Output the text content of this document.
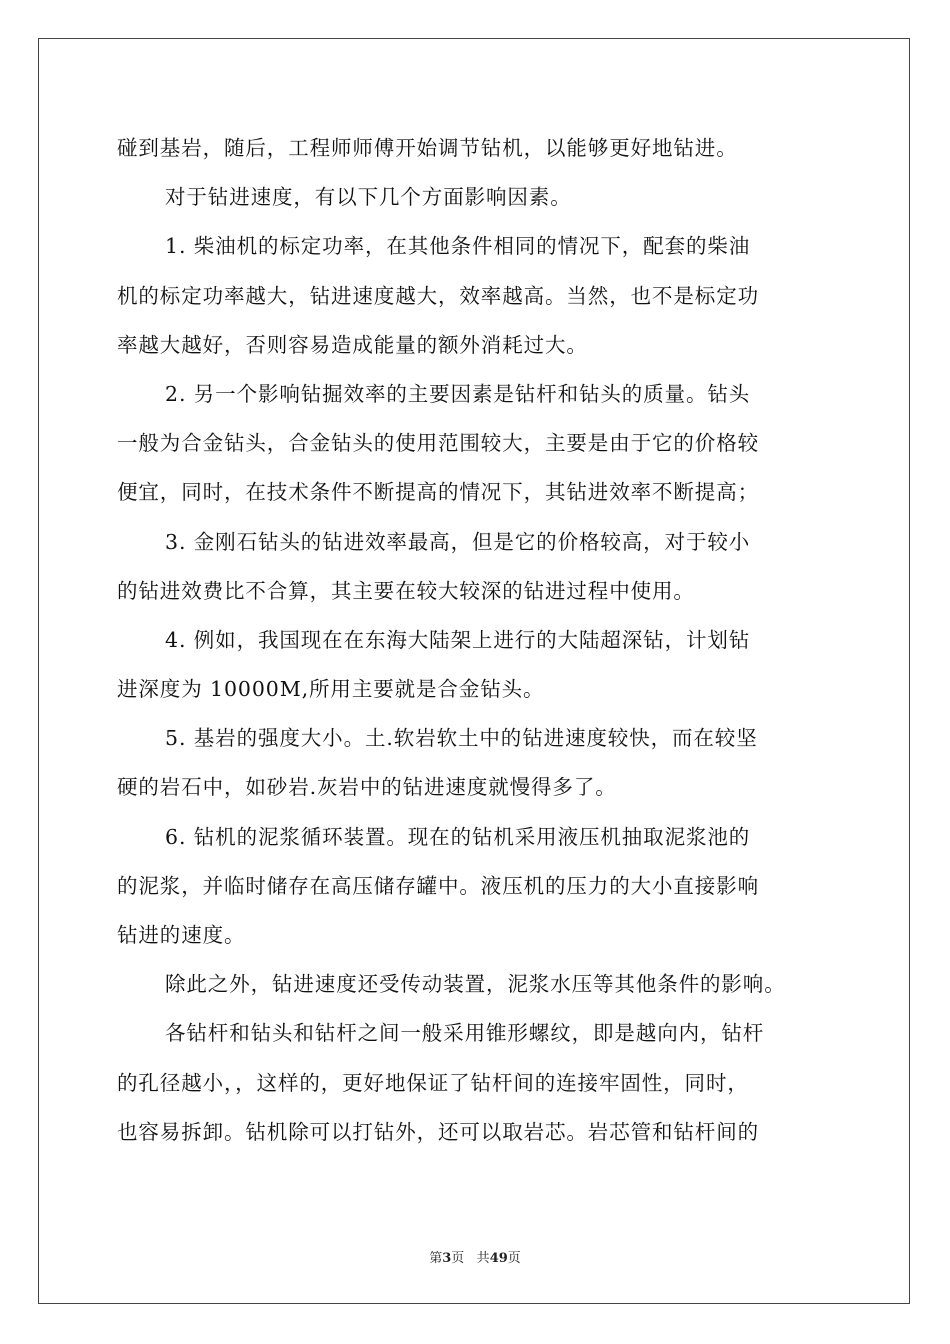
碰到基岩，随后，工程师师傅开始调节钻机，以能够更好地钻进。
对于钻进速度，有以下几个方面影响因素。
1. 柴油机的标定功率，在其他条件相同的情况下，配套的柴油
机的标定功率越大，钻进速度越大，效率越高。当然，也不是标定功
率越大越好，否则容易造成能量的额外消耗过大。
2. 另一个影响钻掘效率的主要因素是钻杆和钻头的质量。钻头
一般为合金钻头，合金钻头的使用范围较大，主要是由于它的价格较
便宜，同时，在技术条件不断提高的情况下，其钻进效率不断提高；
3. 金刚石钻头的钻进效率最高，但是它的价格较高，对于较小
的钻进效费比不合算，其主要在较大较深的钻进过程中使用。
4. 例如，我国现在在东海大陆架上进行的大陆超深钻，计划钻
进深度为 10000M,所用主要就是合金钻头。
5. 基岩的强度大小。土.软岩软土中的钻进速度较快，而在较坚
硬的岩石中，如砂岩.灰岩中的钻进速度就慢得多了。
6. 钻机的泥浆循环装置。现在的钻机采用液压机抽取泥浆池的
的泥浆，并临时储存在高压储存罐中。液压机的压力的大小直接影响
钻进的速度。
除此之外，钻进速度还受传动装置，泥浆水压等其他条件的影响。
各钻杆和钻头和钻杆之间一般采用锥形螺纹，即是越向内，钻杆
的孔径越小，，这样的，更好地保证了钻杆间的连接牢固性，同时，
也容易拆卸。钻机除可以打钻外，还可以取岩芯。岩芯管和钻杆间的
第3页 共49页
